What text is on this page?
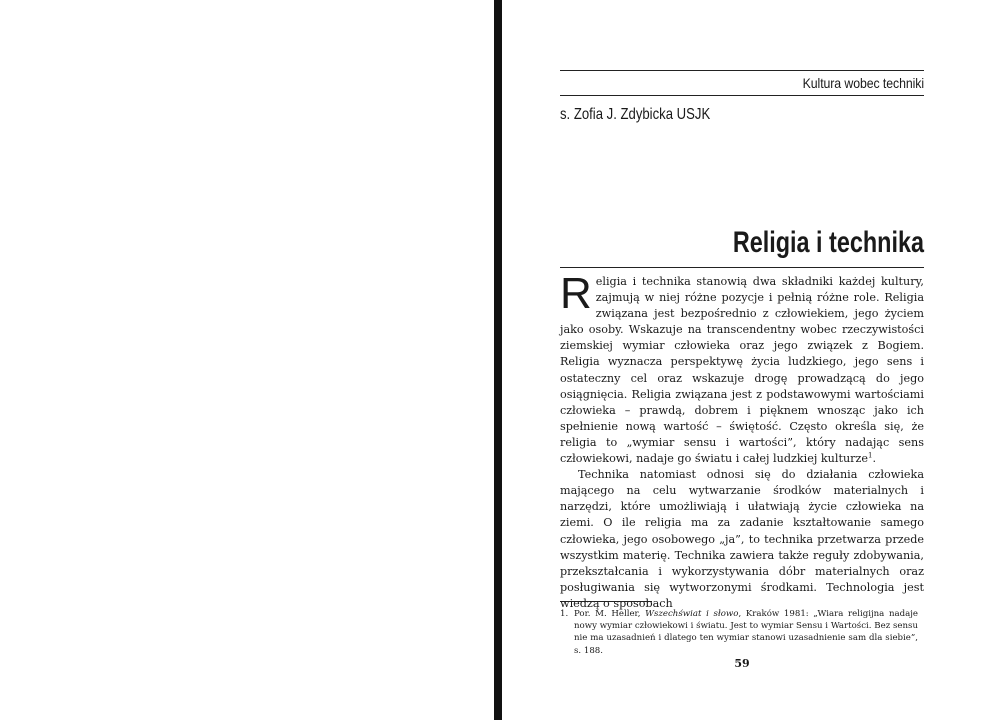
Kultura wobec techniki
s. Zofia J. Zdybicka USJK
Religia i technika

Religia i technika stanowią dwa składniki każdej kultury, zajmują w niej różne pozycje i pełnią różne role. Religia związana jest bezpośrednio z człowiekiem, jego życiem jako osoby. Wskazuje na transcendentny wobec rzeczywistości ziemskiej wymiar człowieka oraz jego związek z Bogiem. Religia wyznacza perspektywę życia ludzkiego, jego sens i ostateczny cel oraz wskazuje drogę prowadzącą do jego osiągnięcia. Religia związana jest z podstawowymi wartościami człowieka – prawdą, dobrem i pięknem wnosząc jako ich spełnienie nową wartość – świętość. Często określa się, że religia to „wymiar sensu i wartości”, który nadając sens człowiekowi, nadaje go światu i całej ludzkiej kulturze$^1$.

Technika natomiast odnosi się do działania człowieka mającego na celu wytwarzanie środków materialnych i narzędzi, które umożliwiają i ułatwiają życie człowieka na ziemi. O ile religia ma za zadanie kształtowanie samego człowieka, jego osobowego „ja”, to technika przetwarza przede wszystkim materię. Technika zawiera także reguły zdobywania, przekształcania i wykorzystywania dóbr materialnych oraz posługiwania się wytworzonymi środkami. Technologia jest wiedzą o sposobach

1. Por. M. Heller, Wszechświat i słowo, Kraków 1981: „Wiara religijna nadaje nowy wymiar człowiekowi i światu. Jest to wymiar Sensu i Wartości. Bez sensu nie ma uzasadnień i dlatego ten wymiar stanowi uzasadnienie sam dla siebie”, s. 188.
59
